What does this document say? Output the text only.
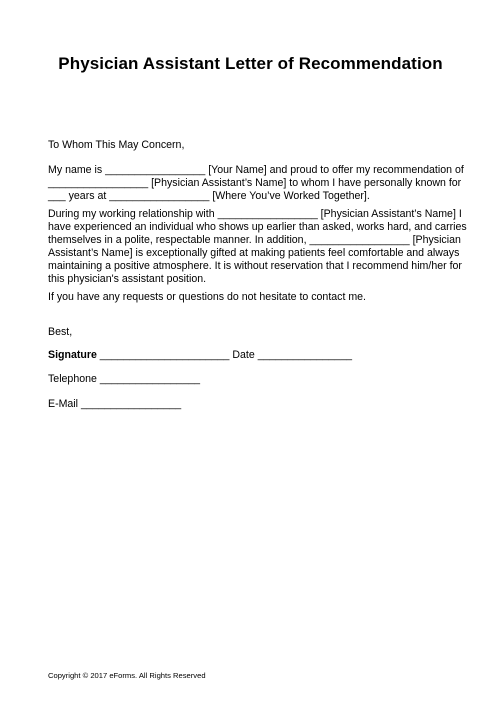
Physician Assistant Letter of Recommendation
To Whom This May Concern,
My name is _________________ [Your Name] and proud to offer my recommendation of
_________________ [Physician Assistant’s Name] to whom I have personally known for
___ years at _________________ [Where You’ve Worked Together].
During my working relationship with _________________ [Physician Assistant’s Name] I
have experienced an individual who shows up earlier than asked, works hard, and carries
themselves in a polite, respectable manner. In addition, _________________ [Physician
Assistant’s Name] is exceptionally gifted at making patients feel comfortable and always
maintaining a positive atmosphere. It is without reservation that I recommend him/her for
this physician's assistant position.
If you have any requests or questions do not hesitate to contact me.
Best,
Signature ______________________ Date ________________
Telephone _________________
E-Mail _________________
Copyright © 2017 eForms. All Rights Reserved
